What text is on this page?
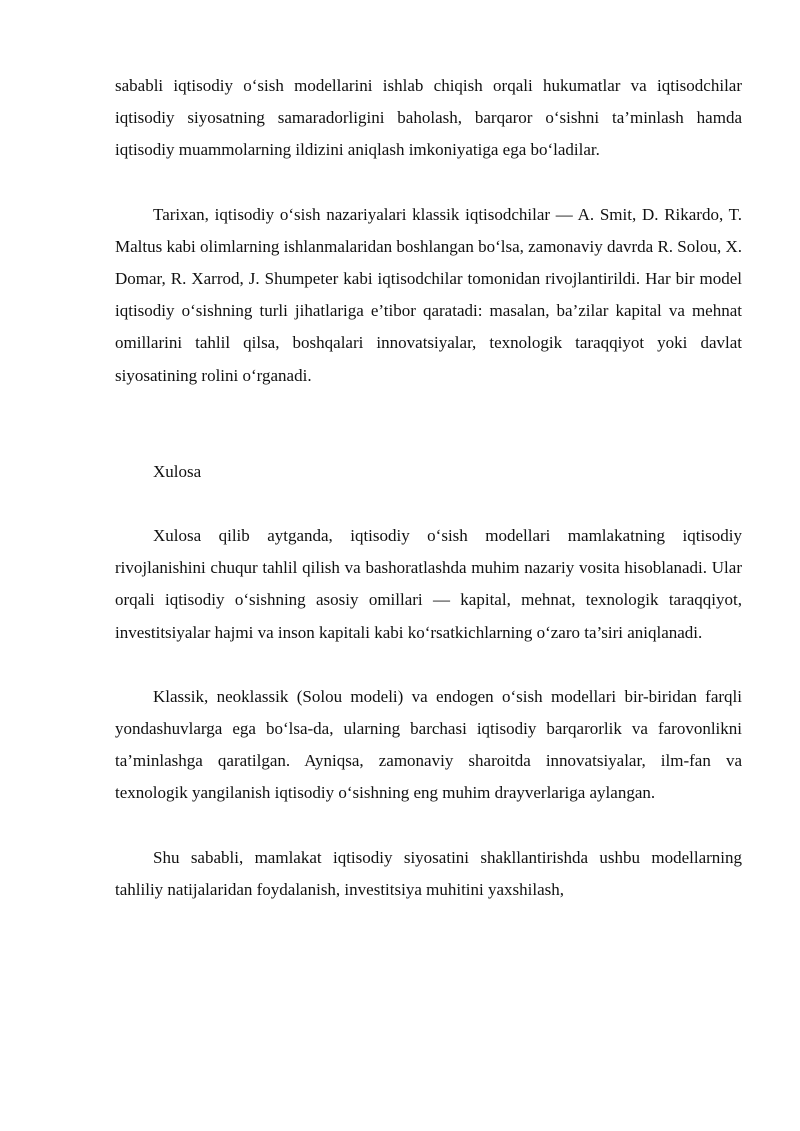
sababli iqtisodiy o‘sish modellarini ishlab chiqish orqali hukumatlar va iqtisodchilar iqtisodiy siyosatning samaradorligini baholash, barqaror o‘sishni ta’minlash hamda iqtisodiy muammolarning ildizini aniqlash imkoniyatiga ega bo‘ladilar.

Tarixan, iqtisodiy o‘sish nazariyalari klassik iqtisodchilar — A. Smit, D. Rikardo, T. Maltus kabi olimlarning ishlanmalaridan boshlangan bo‘lsa, zamonaviy davrda R. Solou, X. Domar, R. Xarrod, J. Shumpeter kabi iqtisodchilar tomonidan rivojlantirildi. Har bir model iqtisodiy o‘sishning turli jihatlariga e’tibor qaratadi: masalan, ba’zilar kapital va mehnat omillarini tahlil qilsa, boshqalari innovatsiyalar, texnologik taraqqiyot yoki davlat siyosatining rolini o‘rganadi.

Xulosa

Xulosa qilib aytganda, iqtisodiy o‘sish modellari mamlakatning iqtisodiy rivojlanishini chuqur tahlil qilish va bashoratlashda muhim nazariy vosita hisoblanadi. Ular orqali iqtisodiy o‘sishning asosiy omillari — kapital, mehnat, texnologik taraqqiyot, investitsiyalar hajmi va inson kapitali kabi ko‘rsatkichlarning o‘zaro ta’siri aniqlanadi.

Klassik, neoklassik (Solou modeli) va endogen o‘sish modellari bir-biridan farqli yondashuvlarga ega bo‘lsa-da, ularning barchasi iqtisodiy barqarorlik va farovonlikni ta’minlashga qaratilgan. Ayniqsa, zamonaviy sharoitda innovatsiyalar, ilm-fan va texnologik yangilanish iqtisodiy o‘sishning eng muhim drayverlariga aylangan.

Shu sababli, mamlakat iqtisodiy siyosatini shakllantirishda ushbu modellarning tahliliy natijalaridan foydalanish, investitsiya muhitini yaxshilash,
